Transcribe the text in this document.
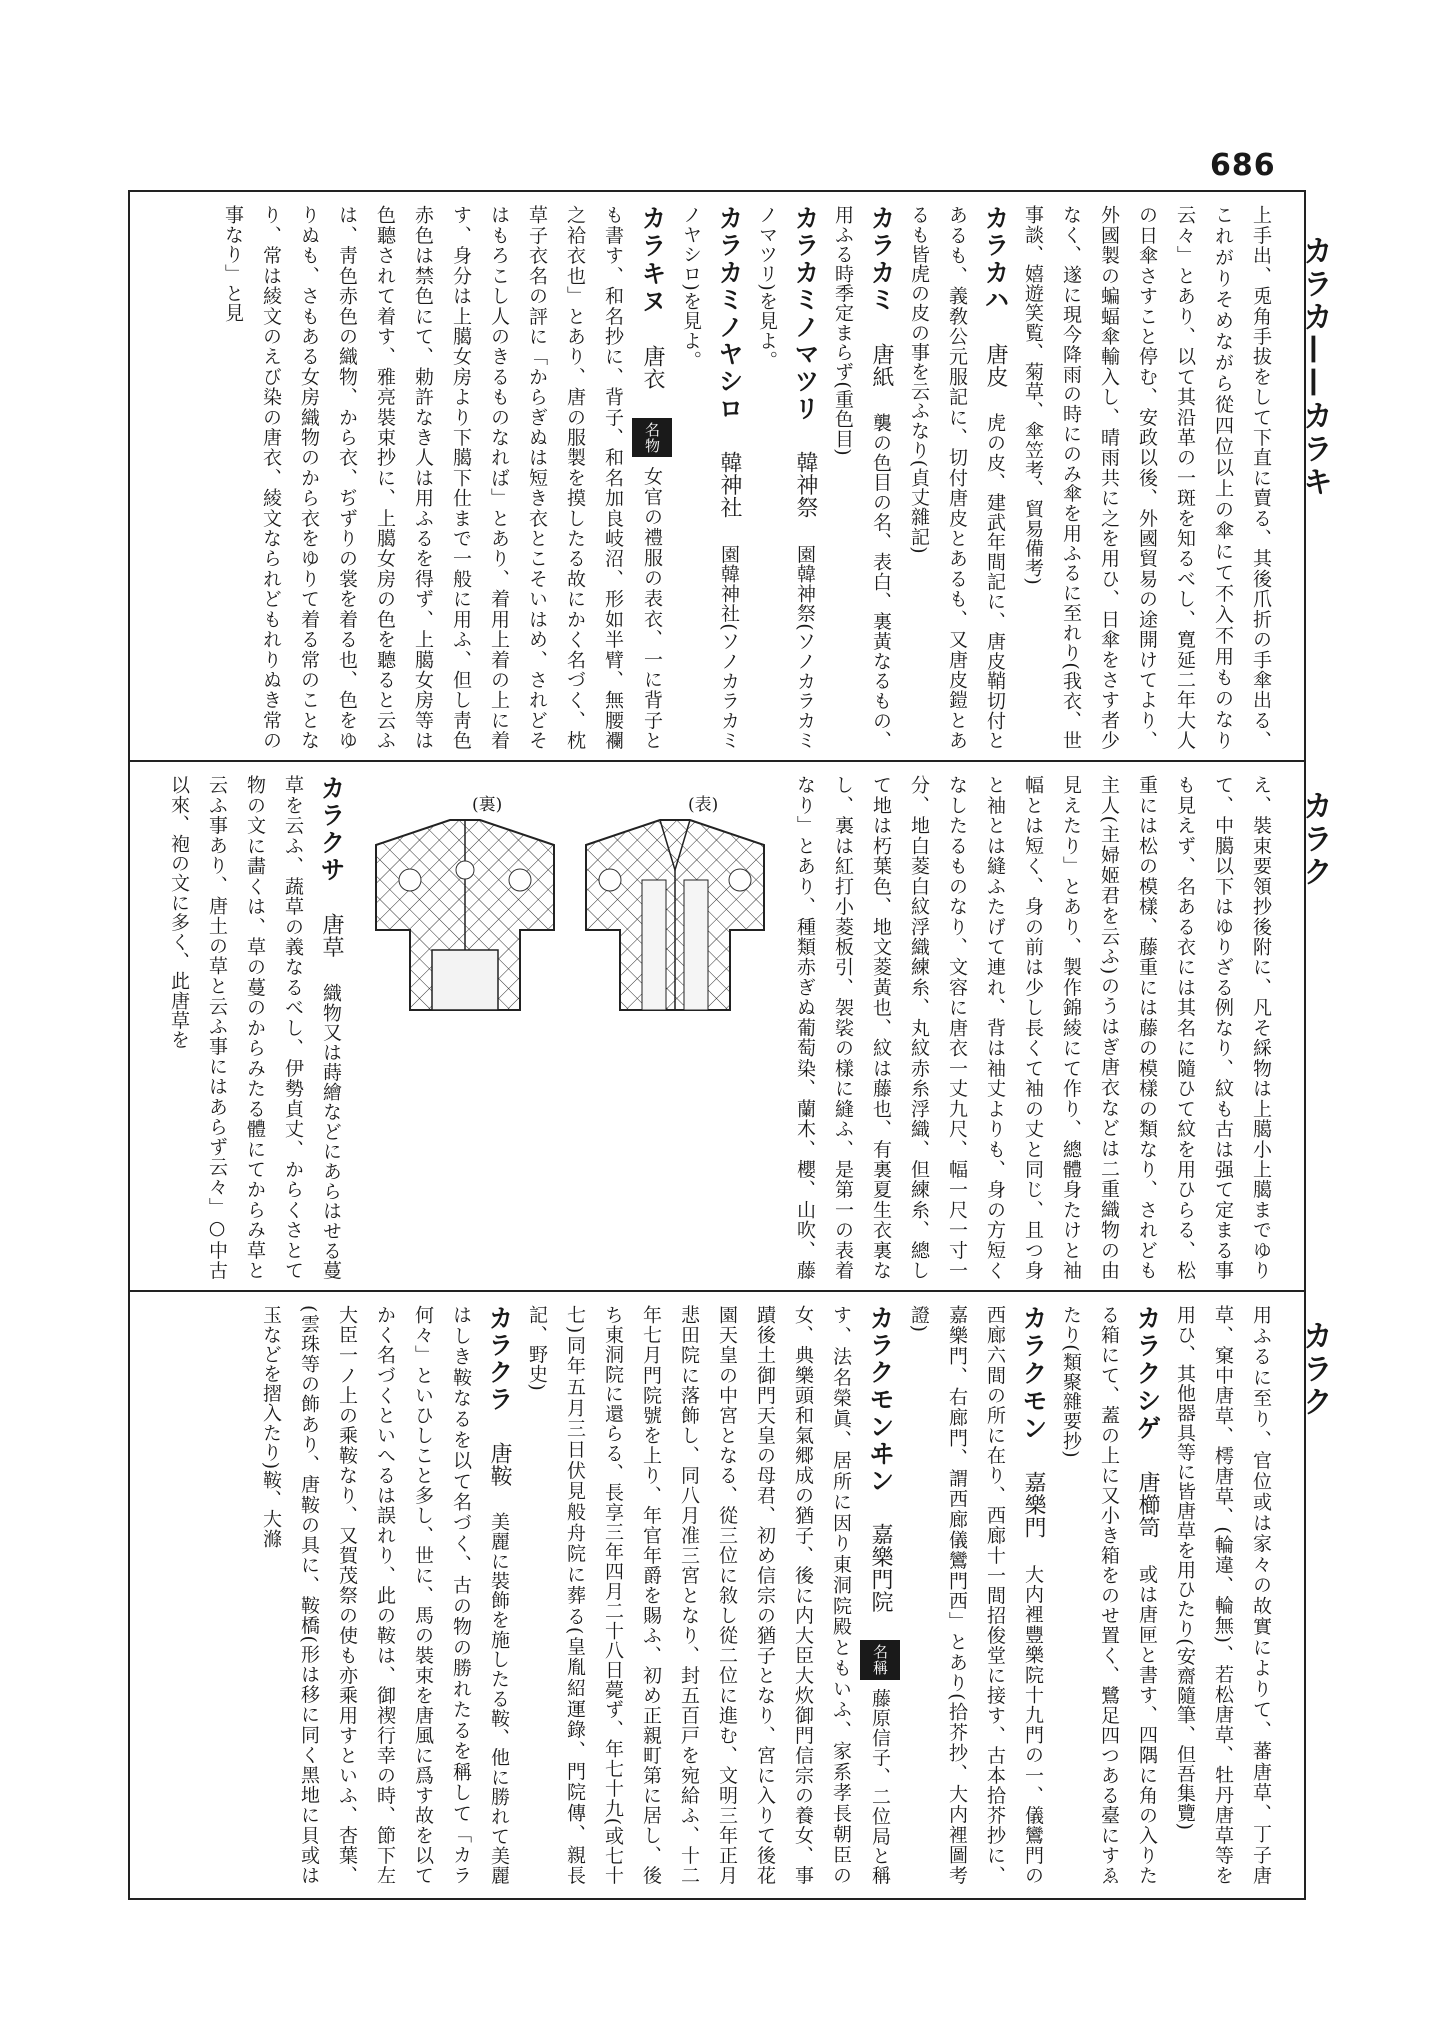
686
カラカ——カラキ
カラク
カラク

上手出、兎角手拔をして下直に賣る、其後爪折の手傘出る、これがりそめながら從四位以上の傘にて不入不用ものなり云々」とあり、以て其沿革の一斑を知るべし、寛延二年大人の日傘さすこと停む、安政以後、外國貿易の途開けてより、外國製の蝙蝠傘輸入し、晴雨共に之を用ひ、日傘をさす者少なく、遂に現今降雨の時にのみ傘を用ふるに至れり(我衣、世事談、嬉遊笑覧、菊草、傘笠考、貿易備考)

カラカハ 唐皮 虎の皮、建武年間記に、唐皮鞘切付とあるも、義敎公元服記に、切付唐皮とあるも、又唐皮鎧とあるも皆虎の皮の事を云ふなり(貞丈雜記)

カラカミ 唐紙 襲の色目の名、表白、裏黃なるもの、用ふる時季定まらず(重色目)

カラカミノマツリ 韓神祭 園韓神祭(ソノカラカミノマツリ)を見よ。

カラカミノヤシロ 韓神社 園韓神社(ソノカラカミノヤシロ)を見よ。

カラキヌ 唐衣 名物 女官の禮服の表衣、一に背子とも書す、和名抄に、背子、和名加良岐沼、形如半臂、無腰襴之袷衣也」とあり、唐の服製を摸したる故にかく名づく、枕草子衣名の評に「からぎぬは短き衣とこそいはめ、されどそはもろこし人のきるものなれば」とあり、着用上着の上に着す、身分は上臈女房より下臈下仕まで一般に用ふ、但し靑色赤色は禁色にて、勅許なき人は用ふるを得ず、上臈女房等は色聽されて着す、雅亮裝束抄に、上臈女房の色を聽ると云ふは、靑色赤色の織物、から衣、ぢずりの裳を着る也、色をゆりぬも、さもある女房織物のから衣をゆりて着る常のことなり、常は綾文のえび染の唐衣、綾文なられどもれりぬき常の事なり」と見

え、裝束要領抄後附に、凡そ綵物は上臈小上臈までゆりて、中臈以下はゆりざる例なり、紋も古は强て定まる事も見えず、名ある衣には其名に隨ひて紋を用ひらる、松重には松の模樣、藤重には藤の模樣の類なり、されども主人(主婦姬君を云ふ)のうはぎ唐衣などは二重織物の由見えたり」とあり、製作錦綾にて作り、總體身たけと袖幅とは短く、身の前は少し長くて袖の丈と同じ、且つ身と袖とは縫ふたげて連れ、背は袖丈よりも、身の方短くなしたるものなり、文容に唐衣一丈九尺、幅一尺一寸一分、地白菱白紋浮織練糸、丸紋赤糸浮織、但練糸、總して地は朽葉色、地文菱黃也、紋は藤也、有裏夏生衣裏なし、裏は紅打小菱板引、袈裟の樣に縫ふ、是第一の表着なり」とあり、種類赤ぎぬ葡萄染、蘭木、櫻、山吹、藤

カラクサ 唐草 織物又は蒔繪などにあらはせる蔓草を云ふ、蔬草の義なるべし、伊勢貞丈、からくさとて物の文に畵くは、草の蔓のからみたる體にてからみ草と云ふ事あり、唐土の草と云ふ事にはあらず云々」○中古以來、袍の文に多く、此唐草を	(裏)	(表)

用ふるに至り、官位或は家々の故實によりて、蕃唐草、丁子唐草、窠中唐草、樗唐草、(輪違、輪無)、若松唐草、牡丹唐草等を用ひ、其他器具等に皆唐草を用ひたり(安齋隨筆、但吾集覽)

カラクシゲ 唐櫛笥 或は唐匣と書す、四隅に角の入りたる箱にて、蓋の上に又小き箱をのせ置く、鷺足四つある臺にすゑたり(類聚雜要抄)

カラクモン 嘉樂門 大内裡豐樂院十九門の一、儀鸞門の西廊六間の所に在り、西廊十一間招俊堂に接す、古本拾芥抄に、嘉樂門、右廊門、謂西廊儀鸞門西」とあり(拾芥抄、大内裡圖考證)

カラクモンヰン 嘉樂門院 名稱 藤原信子、二位局と稱す、法名榮眞、居所に因り東洞院殿ともいふ、家系孝長朝臣の女、典樂頭和氣郷成の猶子、後に内大臣大炊御門信宗の養女、事蹟後土御門天皇の母君、初め信宗の猶子となり、宮に入りて後花園天皇の中宮となる、從三位に敘し從二位に進む、文明三年正月悲田院に落飾し、同八月准三宮となり、封五百戸を宛給ふ、十二年七月門院號を上り、年官年爵を賜ふ、初め正親町第に居し、後ち東洞院に還らる、長享三年四月二十八日薨ず、年七十九(或七十七)同年五月三日伏見般舟院に葬る(皇胤紹運錄、門院傳、親長記、野史)

カラクラ 唐鞍 美麗に裝飾を施したる鞍、他に勝れて美麗はしき鞍なるを以て名づく、古の物の勝れたるを稱して「カラ何々」といひしこと多し、世に、馬の裝束を唐風に爲す故を以てかく名づくといへるは誤れり、此の鞍は、御禊行幸の時、節下左大臣一ノ上の乘鞍なり、又賀茂祭の使も亦乘用すといふ、杏葉、(雲珠等の飾あり、唐鞍の具に、鞍橋(形は移に同く黑地に貝或は玉などを摺入たり)鞍、大滌
